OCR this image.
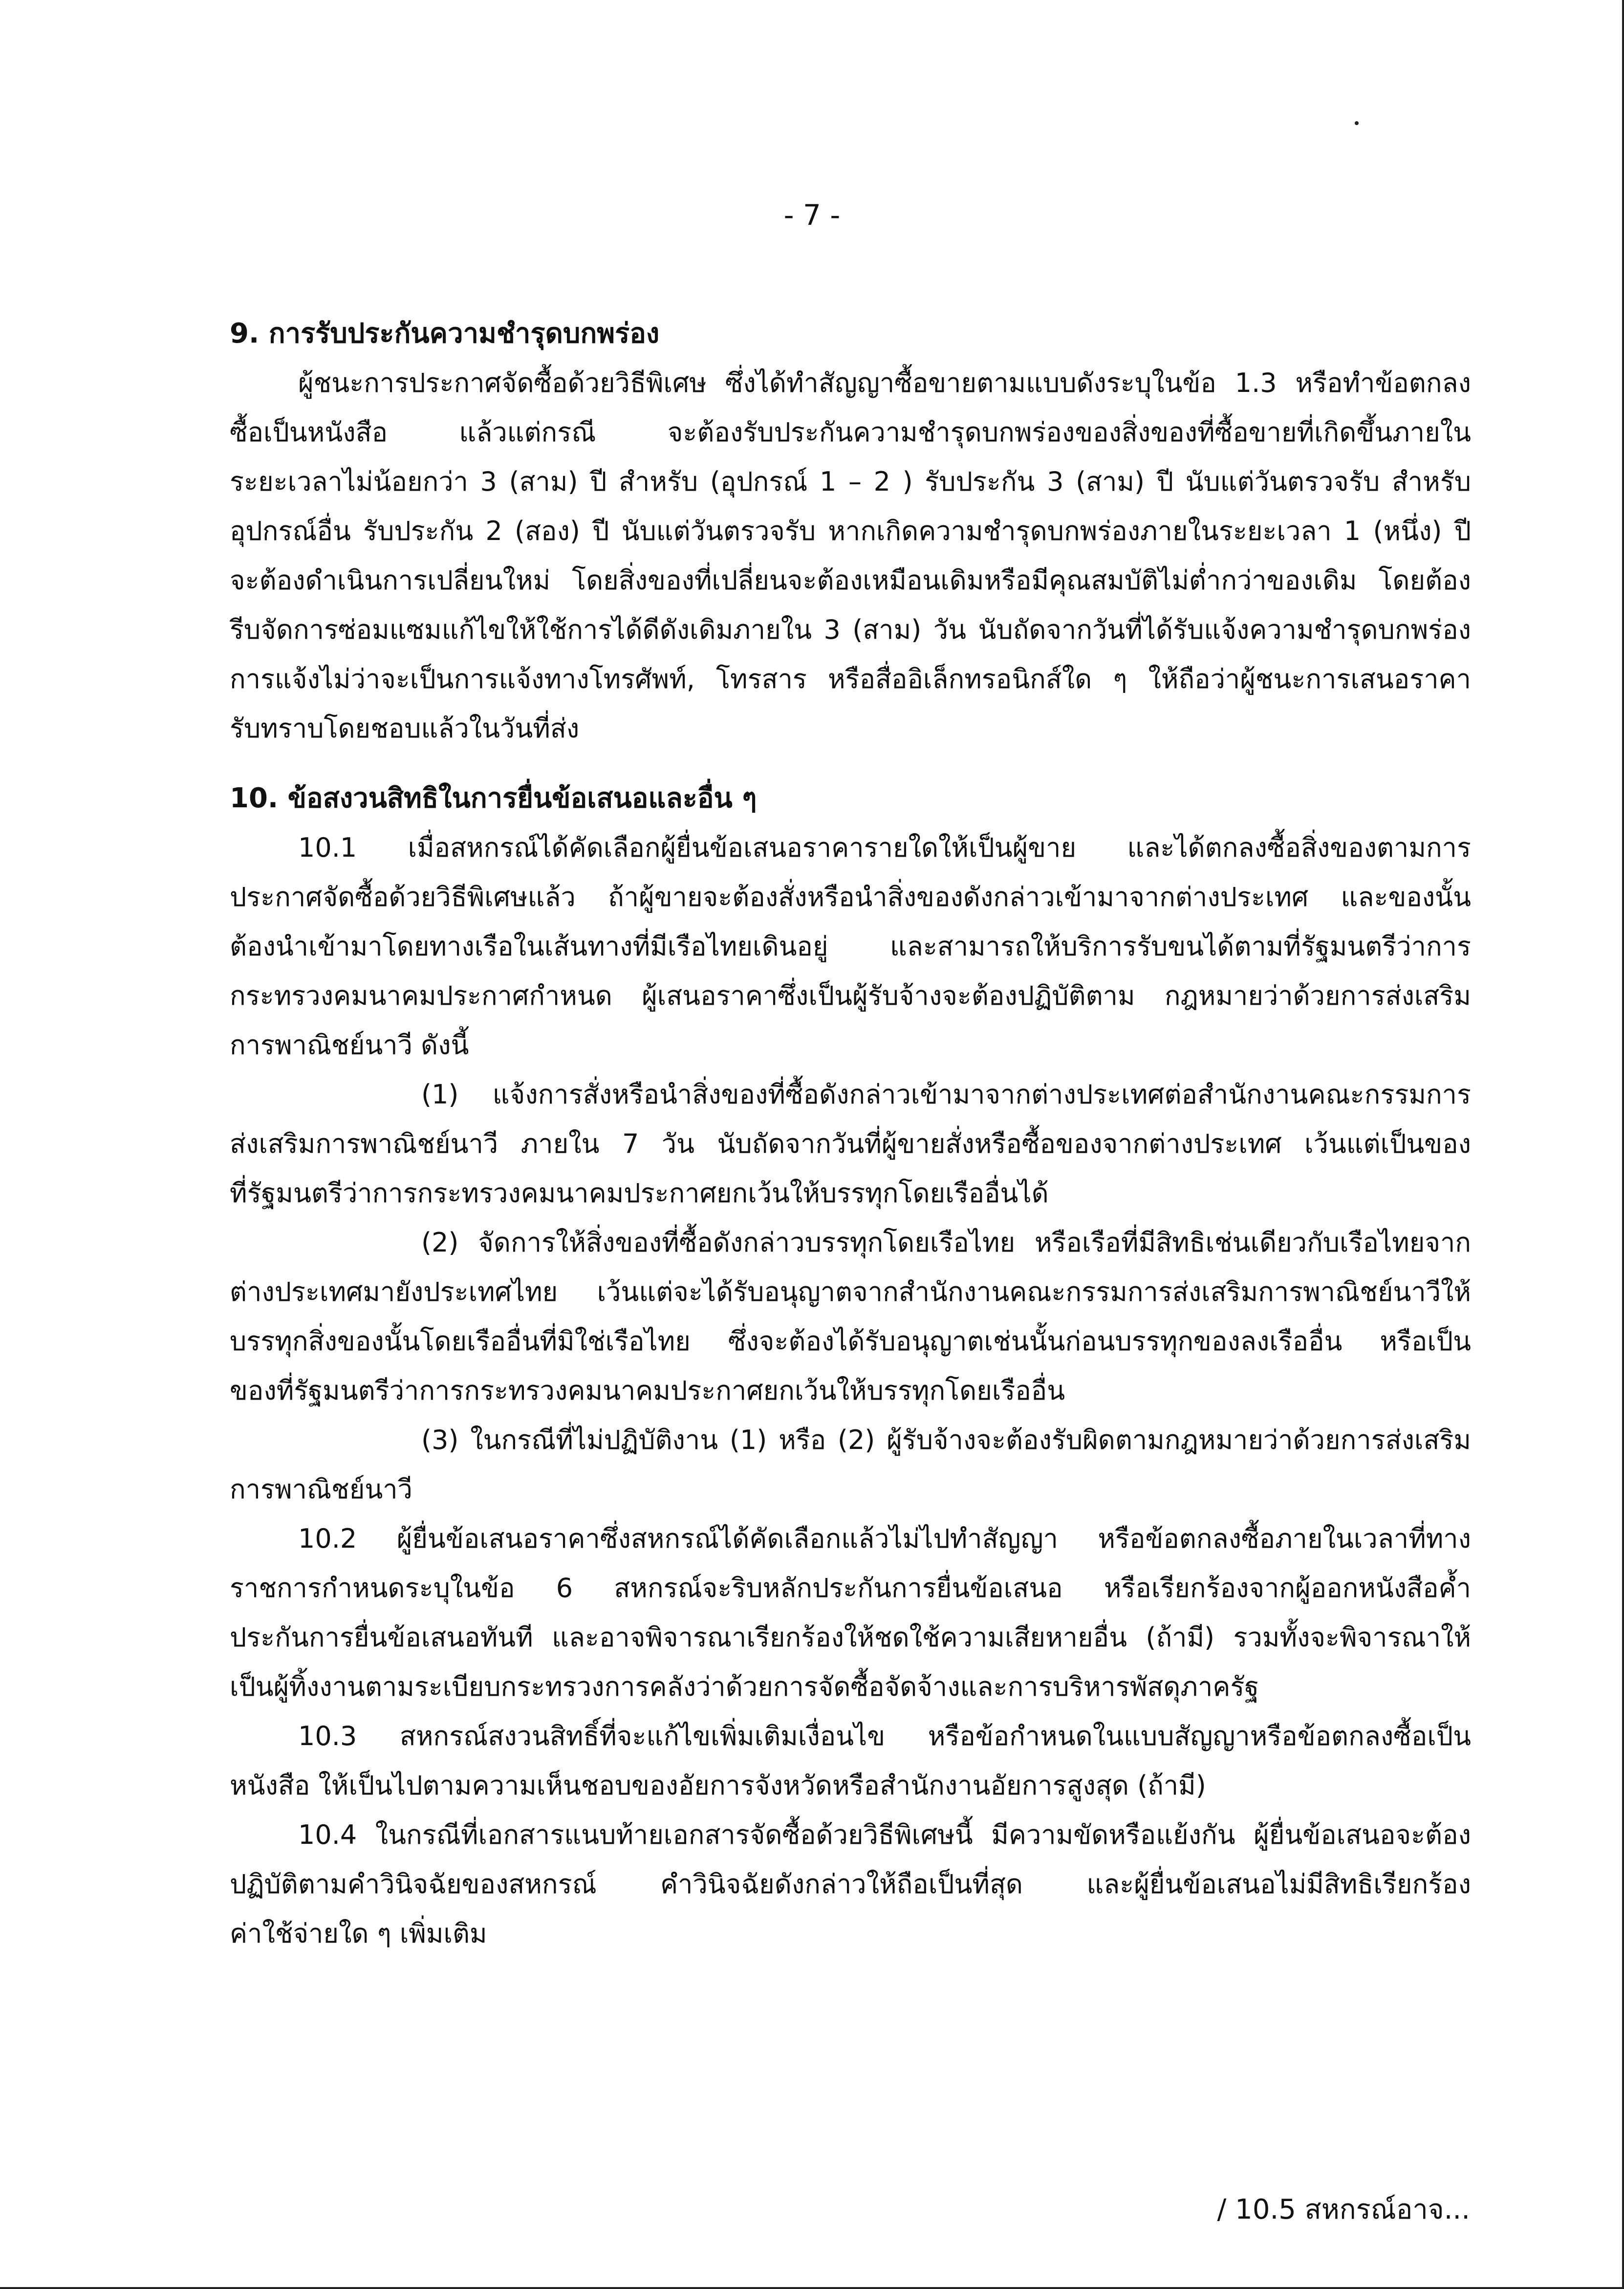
- 7 -
9. การรับประกันความชำรุดบกพร่อง
ผู้ชนะการประกาศจัดซื้อด้วยวิธีพิเศษ ซึ่งได้ทำสัญญาซื้อขายตามแบบดังระบุในข้อ 1.3 หรือทำข้อตกลง
ซื้อเป็นหนังสือ แล้วแต่กรณี จะต้องรับประกันความชำรุดบกพร่องของสิ่งของที่ซื้อขายที่เกิดขึ้นภายใน
ระยะเวลาไม่น้อยกว่า 3 (สาม) ปี สำหรับ (อุปกรณ์ 1 – 2 ) รับประกัน 3 (สาม) ปี นับแต่วันตรวจรับ สำหรับ
อุปกรณ์อื่น รับประกัน 2 (สอง) ปี นับแต่วันตรวจรับ หากเกิดความชำรุดบกพร่องภายในระยะเวลา 1 (หนึ่ง) ปี
จะต้องดำเนินการเปลี่ยนใหม่ โดยสิ่งของที่เปลี่ยนจะต้องเหมือนเดิมหรือมีคุณสมบัติไม่ต่ำกว่าของเดิม โดยต้อง
รีบจัดการซ่อมแซมแก้ไขให้ใช้การได้ดีดังเดิมภายใน 3 (สาม) วัน นับถัดจากวันที่ได้รับแจ้งความชำรุดบกพร่อง
การแจ้งไม่ว่าจะเป็นการแจ้งทางโทรศัพท์, โทรสาร หรือสื่ออิเล็กทรอนิกส์ใด ๆ ให้ถือว่าผู้ชนะการเสนอราคา
รับทราบโดยชอบแล้วในวันที่ส่ง
10. ข้อสงวนสิทธิในการยื่นข้อเสนอและอื่น ๆ
10.1 เมื่อสหกรณ์ได้คัดเลือกผู้ยื่นข้อเสนอราคารายใดให้เป็นผู้ขาย และได้ตกลงซื้อสิ่งของตามการ
ประกาศจัดซื้อด้วยวิธีพิเศษแล้ว ถ้าผู้ขายจะต้องสั่งหรือนำสิ่งของดังกล่าวเข้ามาจากต่างประเทศ และของนั้น
ต้องนำเข้ามาโดยทางเรือในเส้นทางที่มีเรือไทยเดินอยู่ และสามารถให้บริการรับขนได้ตามที่รัฐมนตรีว่าการ
กระทรวงคมนาคมประกาศกำหนด ผู้เสนอราคาซึ่งเป็นผู้รับจ้างจะต้องปฏิบัติตาม กฎหมายว่าด้วยการส่งเสริม
การพาณิชย์นาวี ดังนี้
(1) แจ้งการสั่งหรือนำสิ่งของที่ซื้อดังกล่าวเข้ามาจากต่างประเทศต่อสำนักงานคณะกรรมการ
ส่งเสริมการพาณิชย์นาวี ภายใน 7 วัน นับถัดจากวันที่ผู้ขายสั่งหรือซื้อของจากต่างประเทศ เว้นแต่เป็นของ
ที่รัฐมนตรีว่าการกระทรวงคมนาคมประกาศยกเว้นให้บรรทุกโดยเรืออื่นได้
(2) จัดการให้สิ่งของที่ซื้อดังกล่าวบรรทุกโดยเรือไทย หรือเรือที่มีสิทธิเช่นเดียวกับเรือไทยจาก
ต่างประเทศมายังประเทศไทย เว้นแต่จะได้รับอนุญาตจากสำนักงานคณะกรรมการส่งเสริมการพาณิชย์นาวีให้
บรรทุกสิ่งของนั้นโดยเรืออื่นที่มิใช่เรือไทย ซึ่งจะต้องได้รับอนุญาตเช่นนั้นก่อนบรรทุกของลงเรืออื่น หรือเป็น
ของที่รัฐมนตรีว่าการกระทรวงคมนาคมประกาศยกเว้นให้บรรทุกโดยเรืออื่น
(3) ในกรณีที่ไม่ปฏิบัติงาน (1) หรือ (2) ผู้รับจ้างจะต้องรับผิดตามกฎหมายว่าด้วยการส่งเสริม
การพาณิชย์นาวี
10.2 ผู้ยื่นข้อเสนอราคาซึ่งสหกรณ์ได้คัดเลือกแล้วไม่ไปทำสัญญา หรือข้อตกลงซื้อภายในเวลาที่ทาง
ราชการกำหนดระบุในข้อ 6 สหกรณ์จะริบหลักประกันการยื่นข้อเสนอ หรือเรียกร้องจากผู้ออกหนังสือค้ำ
ประกันการยื่นข้อเสนอทันที และอาจพิจารณาเรียกร้องให้ชดใช้ความเสียหายอื่น (ถ้ามี) รวมทั้งจะพิจารณาให้
เป็นผู้ทิ้งงานตามระเบียบกระทรวงการคลังว่าด้วยการจัดซื้อจัดจ้างและการบริหารพัสดุภาครัฐ
10.3 สหกรณ์สงวนสิทธิ์ที่จะแก้ไขเพิ่มเติมเงื่อนไข หรือข้อกำหนดในแบบสัญญาหรือข้อตกลงซื้อเป็น
หนังสือ ให้เป็นไปตามความเห็นชอบของอัยการจังหวัดหรือสำนักงานอัยการสูงสุด (ถ้ามี)
10.4 ในกรณีที่เอกสารแนบท้ายเอกสารจัดซื้อด้วยวิธีพิเศษนี้ มีความขัดหรือแย้งกัน ผู้ยื่นข้อเสนอจะต้อง
ปฏิบัติตามคำวินิจฉัยของสหกรณ์ คำวินิจฉัยดังกล่าวให้ถือเป็นที่สุด และผู้ยื่นข้อเสนอไม่มีสิทธิเรียกร้อง
ค่าใช้จ่ายใด ๆ เพิ่มเติม
/ 10.5 สหกรณ์อาจ...
